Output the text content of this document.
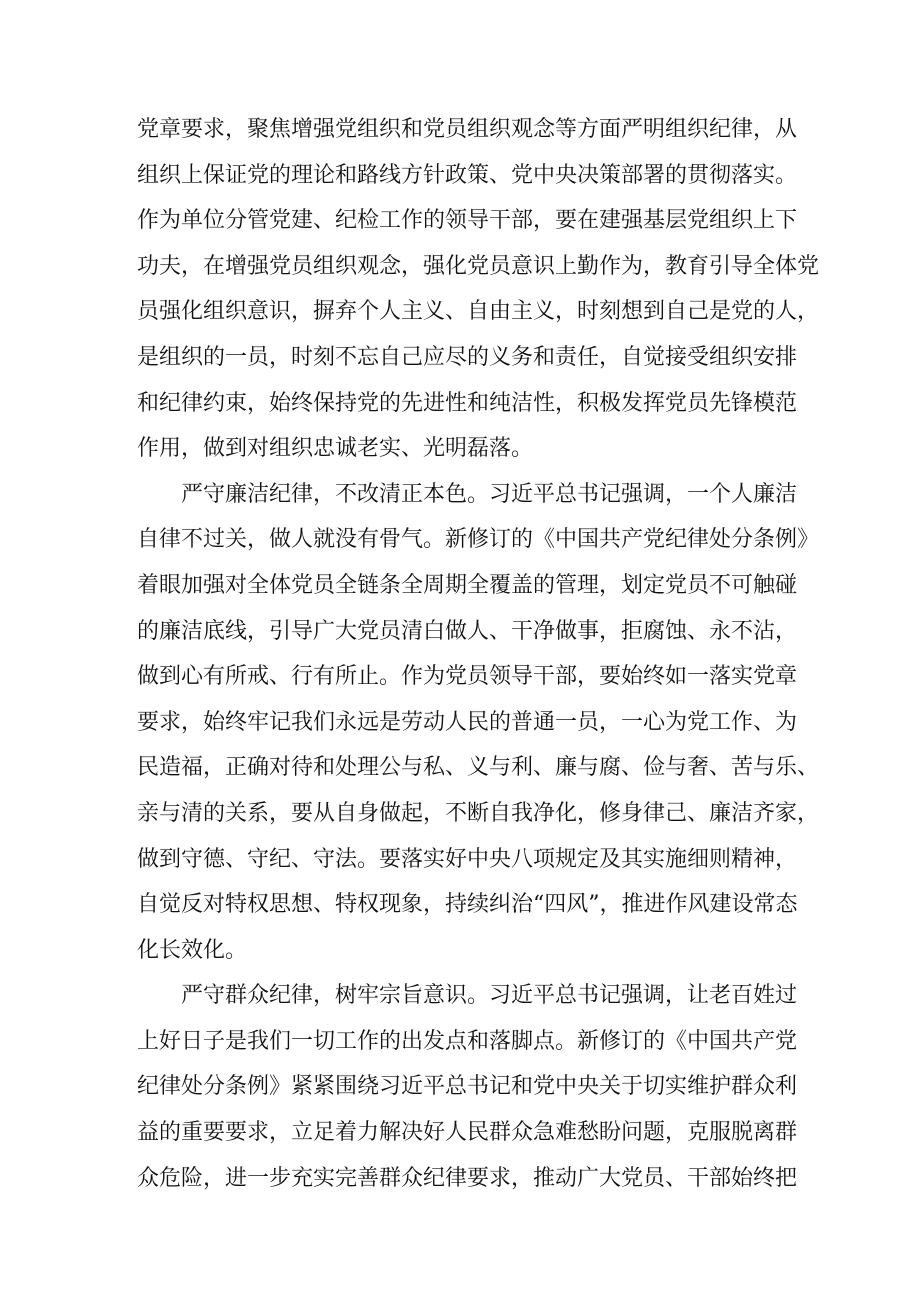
党章要求，聚焦增强党组织和党员组织观念等方面严明组织纪律，从
组织上保证党的理论和路线方针政策、党中央决策部署的贯彻落实。
作为单位分管党建、纪检工作的领导干部，要在建强基层党组织上下
功夫，在增强党员组织观念，强化党员意识上勤作为，教育引导全体党
员强化组织意识，摒弃个人主义、自由主义，时刻想到自己是党的人，
是组织的一员，时刻不忘自己应尽的义务和责任，自觉接受组织安排
和纪律约束，始终保持党的先进性和纯洁性，积极发挥党员先锋模范
作用，做到对组织忠诚老实、光明磊落。
严守廉洁纪律，不改清正本色。习近平总书记强调，一个人廉洁
自律不过关，做人就没有骨气。新修订的《中国共产党纪律处分条例》
着眼加强对全体党员全链条全周期全覆盖的管理，划定党员不可触碰
的廉洁底线，引导广大党员清白做人、干净做事，拒腐蚀、永不沾，
做到心有所戒、行有所止。作为党员领导干部，要始终如一落实党章
要求，始终牢记我们永远是劳动人民的普通一员，一心为党工作、为
民造福，正确对待和处理公与私、义与利、廉与腐、俭与奢、苦与乐、
亲与清的关系，要从自身做起，不断自我净化，修身律己、廉洁齐家，
做到守德、守纪、守法。要落实好中央八项规定及其实施细则精神，
自觉反对特权思想、特权现象，持续纠治“四风”，推进作风建设常态
化长效化。
严守群众纪律，树牢宗旨意识。习近平总书记强调，让老百姓过
上好日子是我们一切工作的出发点和落脚点。新修订的《中国共产党
纪律处分条例》紧紧围绕习近平总书记和党中央关于切实维护群众利
益的重要要求，立足着力解决好人民群众急难愁盼问题，克服脱离群
众危险，进一步充实完善群众纪律要求，推动广大党员、干部始终把
